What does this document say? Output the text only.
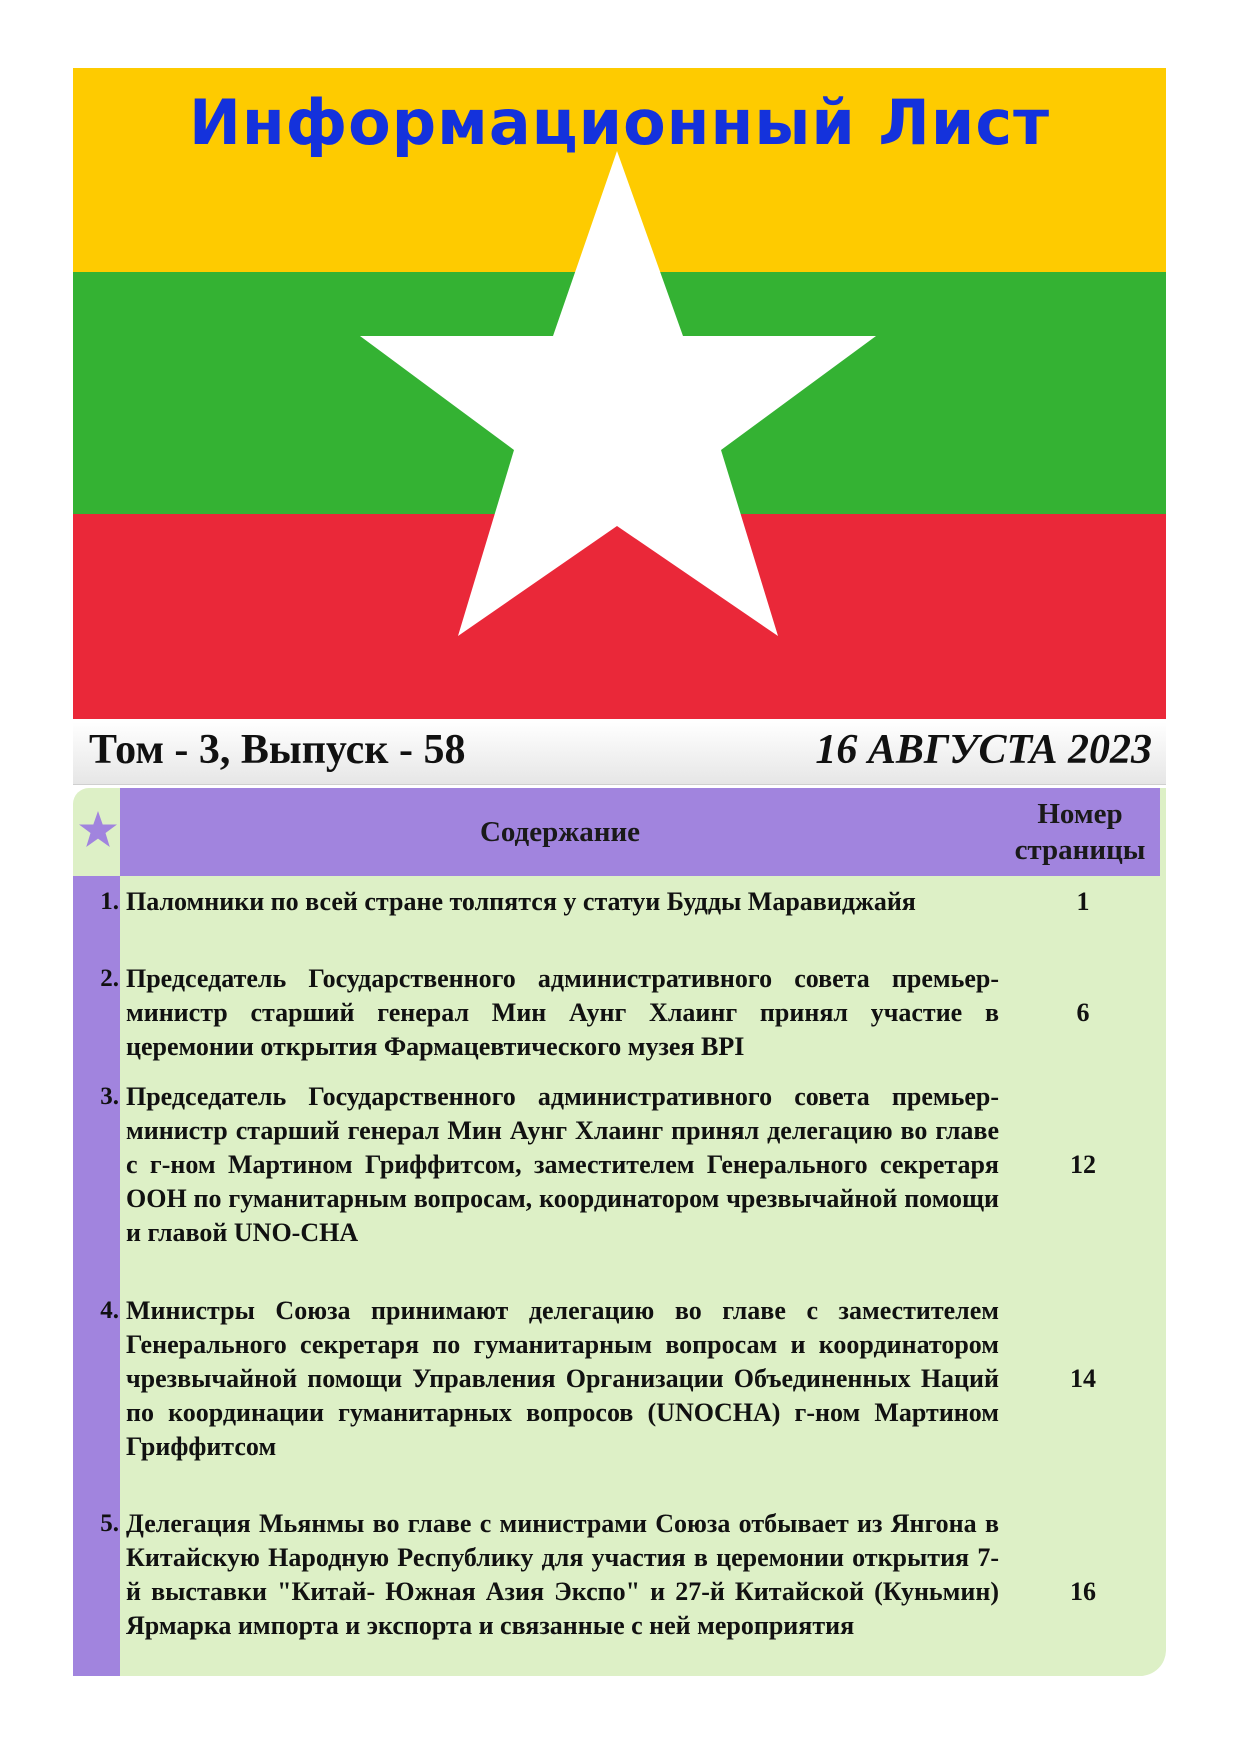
Информационный Лист
Том - 3, Выпуск - 58	16 АВГУСТА 2023
Содержание
Номер
страницы
1. Паломники по всей стране толпятся у статуи Будды Маравиджайя	1
2. Председатель Государственного административного совета премьер-министр старший генерал Мин Аунг Хлаинг принял участие в церемонии открытия Фармацевтического музея BPI
6
3. Председатель Государственного административного совета премьер-министр старший генерал Мин Аунг Хлаинг принял делегацию во главе с г-ном Мартином Гриффитсом, заместителем Генерального секретаря ООН по гуманитарным вопросам, координатором чрезвычайной помощи и главой UNO-CHA
12
4. Министры Союза принимают делегацию во главе с заместителем Генерального секретаря по гуманитарным вопросам и координатором чрезвычайной помощи Управления Организации Объединенных Наций по координации гуманитарных вопросов (UNOCHA) г-ном Мартином Гриффитсом
14
5. Делегация Мьянмы во главе с министрами Союза отбывает из Янгона в Китайскую Народную Республику для участия в церемонии открытия 7-й выставки "Китай- Южная Азия Экспо" и 27-й Китайской (Куньмин) Ярмарка импорта и экспорта и связанные с ней мероприятия
16
